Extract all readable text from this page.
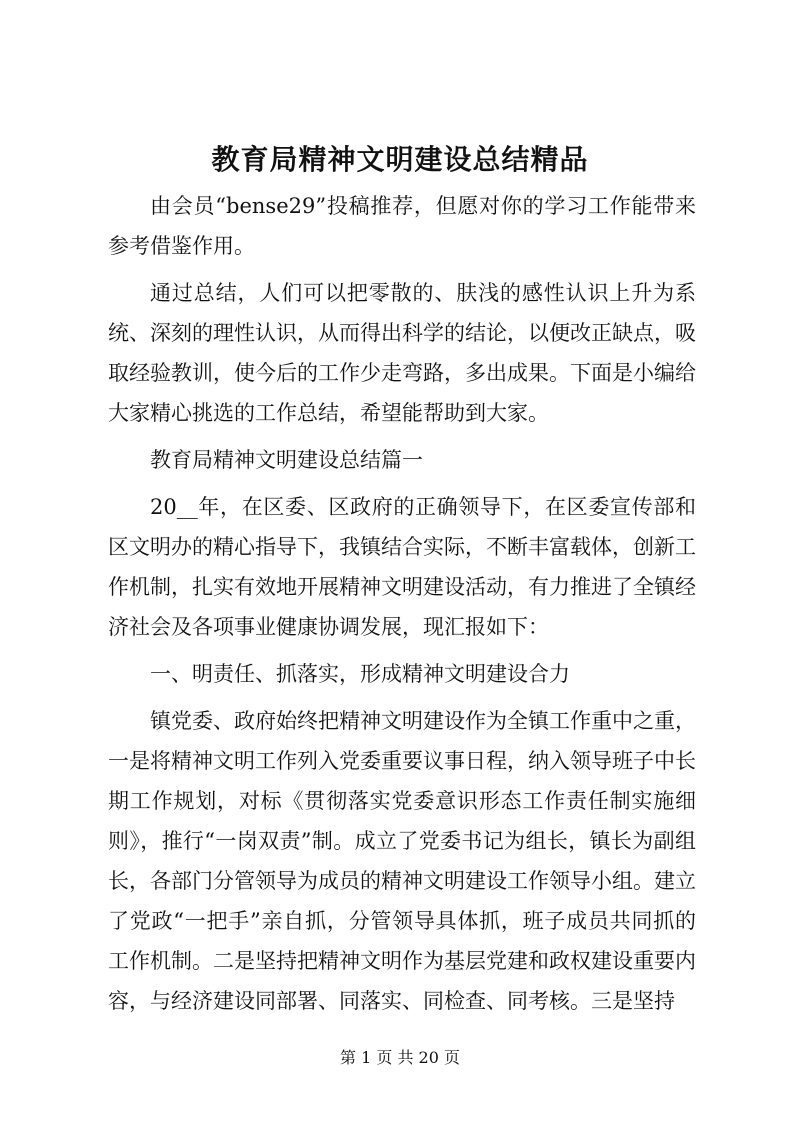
教育局精神文明建设总结精品

由会员“bense29”投稿推荐，但愿对你的学习工作能带来参考借鉴作用。

通过总结，人们可以把零散的、肤浅的感性认识上升为系统、深刻的理性认识，从而得出科学的结论，以便改正缺点，吸取经验教训，使今后的工作少走弯路，多出成果。下面是小编给大家精心挑选的工作总结，希望能帮助到大家。

教育局精神文明建设总结篇一

20__年，在区委、区政府的正确领导下，在区委宣传部和区文明办的精心指导下，我镇结合实际，不断丰富载体，创新工作机制，扎实有效地开展精神文明建设活动，有力推进了全镇经济社会及各项事业健康协调发展，现汇报如下：

一、明责任、抓落实，形成精神文明建设合力

镇党委、政府始终把精神文明建设作为全镇工作重中之重，一是将精神文明工作列入党委重要议事日程，纳入领导班子中长期工作规划，对标《贯彻落实党委意识形态工作责任制实施细则》，推行“一岗双责”制。成立了党委书记为组长，镇长为副组长，各部门分管领导为成员的精神文明建设工作领导小组。建立了党政“一把手”亲自抓，分管领导具体抓，班子成员共同抓的工作机制。二是坚持把精神文明作为基层党建和政权建设重要内容，与经济建设同部署、同落实、同检查、同考核。三是坚持

第 1 页 共 20 页
